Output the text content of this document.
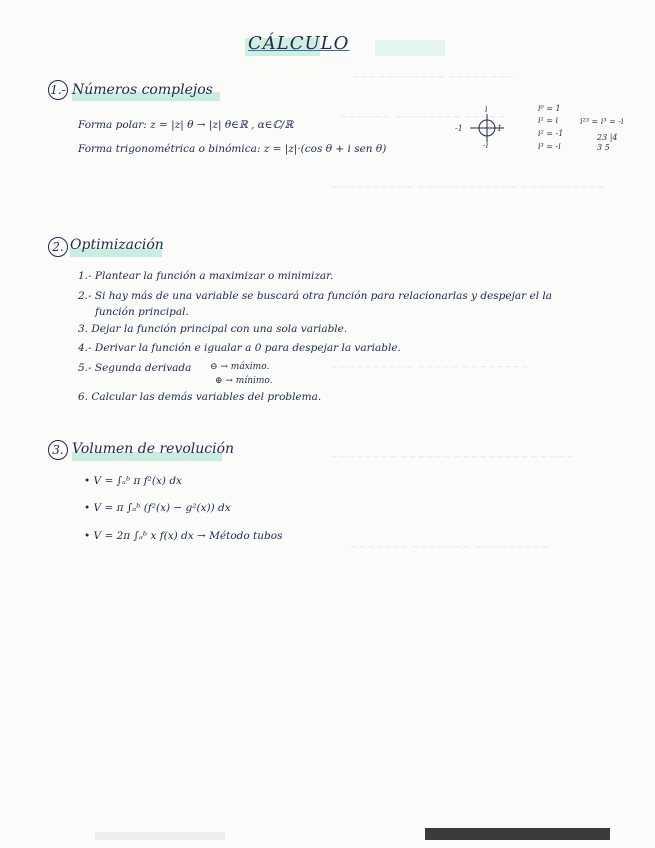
~~~~~~~~~~~ ~~~~~~~~
~~~~~~ ~~~~~~~~ ~~~~~
~~~~~~~~~~ ~~~~~~~~~~~~ ~~~~~~~~~~
~~~~~~~~~~ ~~~~~ ~~~~~~~~
~~~~~~~~ ~~~~~~ ~~~~~~~~~~ ~~~~
~~~~~~~ ~~~~~~~ ~~~~~~~~~
CÁLCULO
1.- Números complejos
Forma polar: z = |z| θ → |z| θ∈ℝ , α∈ℂ/ℝ
Forma trigonométrica o binómica: z = |z|·(cos θ + i sen θ)
i
-1	1
-i
i⁰ = 1
i¹ = i
i² = -1
i³ = -i
i²³ = i³ = -i
23 |4
3 5
2. Optimización
1.- Plantear la función a maximizar o minimizar.
2.- Si hay más de una variable se buscará otra función para relacionarlas y despejar el la
función principal.
3. Dejar la función principal con una sola variable.
4.- Derivar la función e igualar a 0 para despejar la variable.
5.- Segunda derivada ⊖ → máximo.
⊕ → mínimo.
6. Calcular las demás variables del problema.
3. Volumen de revolución
• V = ∫ₐᵇ π f²(x) dx
• V = π ∫ₐᵇ (f²(x) − g²(x)) dx
• V = 2π ∫ₐᵇ x f(x) dx → Método tubos
